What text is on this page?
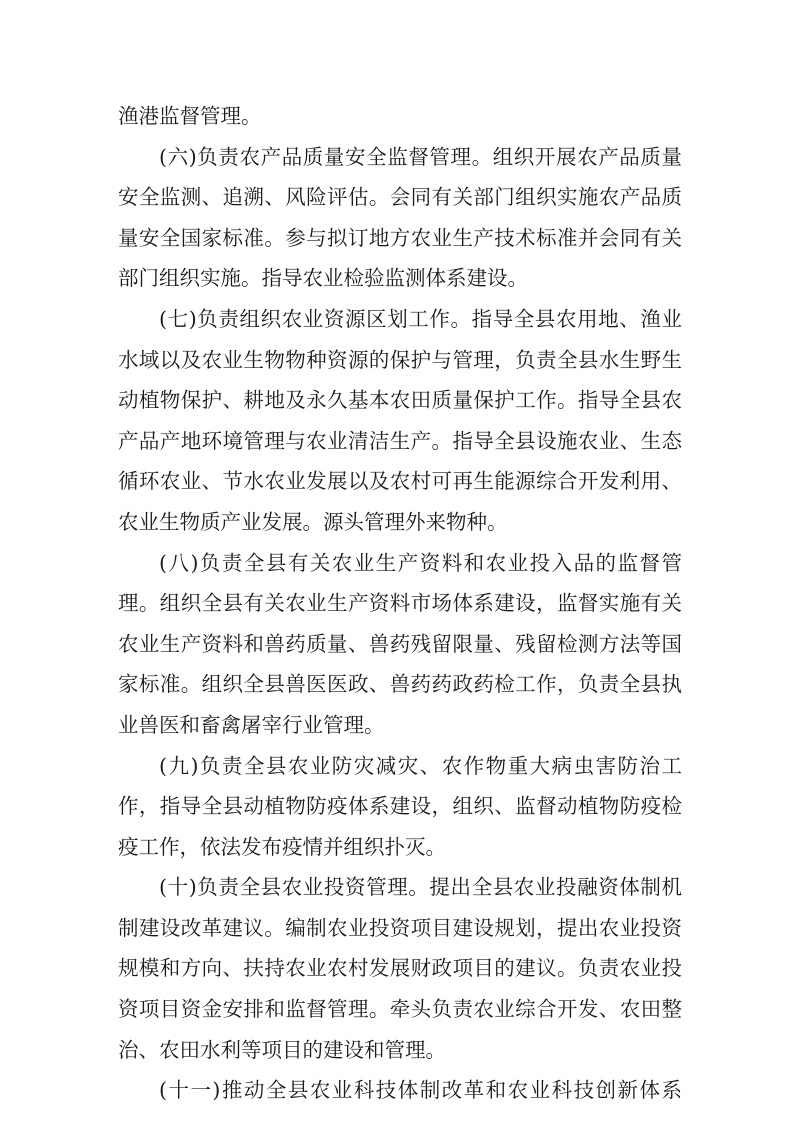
渔港监督管理。
(六)负责农产品质量安全监督管理。组织开展农产品质量
安全监测、追溯、风险评估。会同有关部门组织实施农产品质
量安全国家标准。参与拟订地方农业生产技术标准并会同有关
部门组织实施。指导农业检验监测体系建设。
(七)负责组织农业资源区划工作。指导全县农用地、渔业
水域以及农业生物物种资源的保护与管理，负责全县水生野生
动植物保护、耕地及永久基本农田质量保护工作。指导全县农
产品产地环境管理与农业清洁生产。指导全县设施农业、生态
循环农业、节水农业发展以及农村可再生能源综合开发利用、
农业生物质产业发展。源头管理外来物种。
(八)负责全县有关农业生产资料和农业投入品的监督管
理。组织全县有关农业生产资料市场体系建设，监督实施有关
农业生产资料和兽药质量、兽药残留限量、残留检测方法等国
家标准。组织全县兽医医政、兽药药政药检工作，负责全县执
业兽医和畜禽屠宰行业管理。
(九)负责全县农业防灾减灾、农作物重大病虫害防治工
作，指导全县动植物防疫体系建设，组织、监督动植物防疫检
疫工作，依法发布疫情并组织扑灭。
(十)负责全县农业投资管理。提出全县农业投融资体制机
制建设改革建议。编制农业投资项目建设规划，提出农业投资
规模和方向、扶持农业农村发展财政项目的建议。负责农业投
资项目资金安排和监督管理。牵头负责农业综合开发、农田整
治、农田水利等项目的建设和管理。
(十一)推动全县农业科技体制改革和农业科技创新体系
